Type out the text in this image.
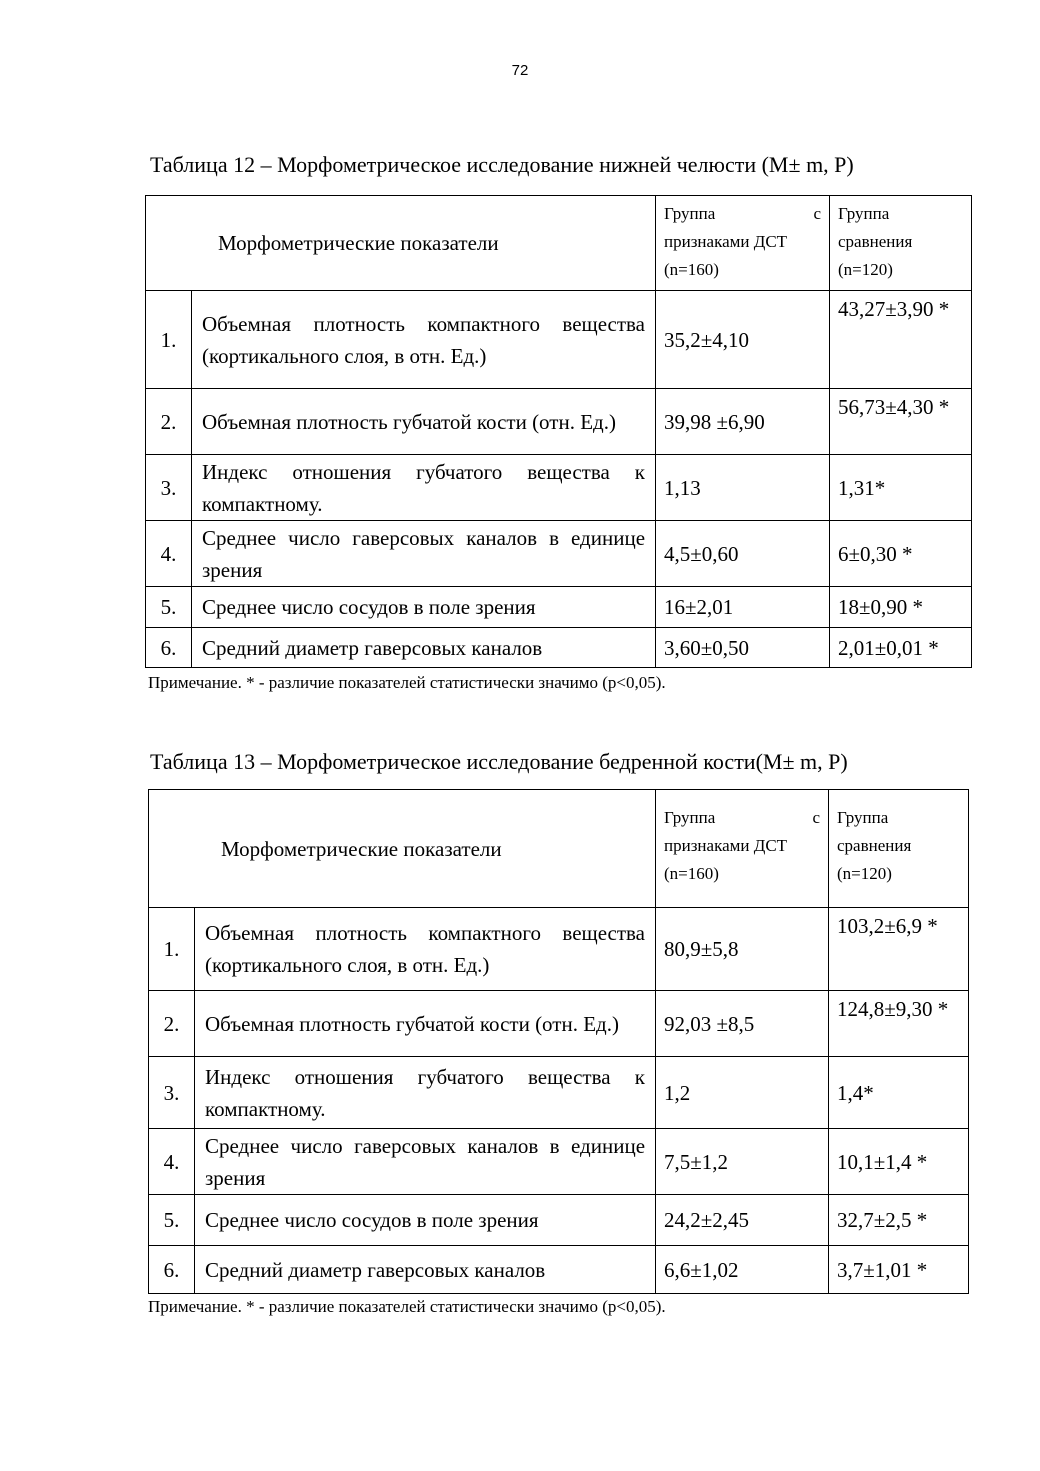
72
Таблица 12 – Морфометрическое исследование нижней челюсти (M± m, P)
Морфометрические показатели		Группа с
признаками ДСТ
(n=160)	Группа
сравнения
(n=120)

1.	Объемная плотность компактного вещества (кортикального слоя, в отн. Ед.)	35,2±4,10	43,27±3,90 *
2.	Объемная плотность губчатой кости (отн. Ед.)	39,98 ±6,90	56,73±4,30 *
3.	Индекс отношения губчатого вещества к компактному.	1,13	1,31*
4.	Среднее число гаверсовых каналов в единице зрения	4,5±0,60	6±0,30 *
5.	Среднее число сосудов в поле зрения	16±2,01	18±0,90 *
6.	Средний диаметр гаверсовых каналов	3,60±0,50	2,01±0,01 *
Примечание. * - различие показателей статистически значимо (p<0,05).
Таблица 13 – Морфометрическое исследование бедренной кости(M± m, P)
Морфометрические показатели		Группа с
признаками ДСТ
(n=160)	Группа
сравнения
(n=120)

1.	Объемная плотность компактного вещества (кортикального слоя, в отн. Ед.)	80,9±5,8	103,2±6,9 *
2.	Объемная плотность губчатой кости (отн. Ед.)	92,03 ±8,5	124,8±9,30 *
3.	Индекс отношения губчатого вещества к компактному.	1,2	1,4*
4.	Среднее число гаверсовых каналов в единице зрения	7,5±1,2	10,1±1,4 *
5.	Среднее число сосудов в поле зрения	24,2±2,45	32,7±2,5 *
6.	Средний диаметр гаверсовых каналов	6,6±1,02	3,7±1,01 *
Примечание. * - различие показателей статистически значимо (p<0,05).
